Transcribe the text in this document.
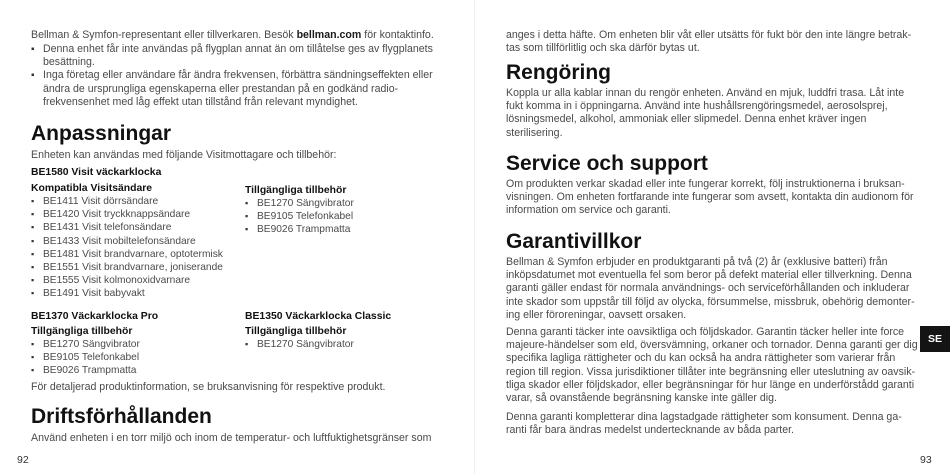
Bellman & Symfon-representant eller tillverkaren. Besök bellman.com för kontaktinfo.

▪ Denna enhet får inte användas på flygplan annat än om tillåtelse ges av flygplanets besättning.
▪ Inga företag eller användare får ändra frekvensen, förbättra sändningseffekten eller ändra de ursprungliga egenskaperna eller prestandan på en godkänd radiofrekvensenhet med låg effekt utan tillstånd från relevant myndighet.
Anpassningar

Enheten kan användas med följande Visitmottagare och tillbehör:

BE1580 Visit väckarklocka
Kompatibla Visitsändare
▪ BE1411 Visit dörrsändare
▪ BE1420 Visit tryckknappsändare
▪ BE1431 Visit telefonsändare
▪ BE1433 Visit mobiltelefonsändare
▪ BE1481 Visit brandvarnare, optotermisk
▪ BE1551 Visit brandvarnare, joniserande
▪ BE1555 Visit kolmonoxidvarnare
▪ BE1491 Visit babyvakt
Tillgängliga tillbehör
▪ BE1270 Sängvibrator
▪ BE9105 Telefonkabel
▪ BE9026 Trampmatta
BE1370 Väckarklocka Pro
Tillgängliga tillbehör
▪ BE1270 Sängvibrator
▪ BE9105 Telefonkabel
▪ BE9026 Trampmatta
BE1350 Väckarklocka Classic
Tillgängliga tillbehör
▪ BE1270 Sängvibrator

För detaljerad produktinformation, se bruksanvisning för respektive produkt.

Driftsförhållanden

Använd enheten i en torr miljö och inom de temperatur- och luftfuktighetsgränser som

92

anges i detta häfte. Om enheten blir våt eller utsätts för fukt bör den inte längre betrak-

tas som tillförlitlig och ska därför bytas ut.

Rengöring

Koppla ur alla kablar innan du rengör enheten. Använd en mjuk, luddfri trasa. Låt inte fukt komma in i öppningarna. Använd inte hushållsrengöringsmedel, aerosolsprej, lösningsmedel, alkohol, ammoniak eller slipmedel. Denna enhet kräver ingen sterilisering.

Service och support

Om produkten verkar skadad eller inte fungerar korrekt, följ instruktionerna i bruksanvisningen. Om enheten fortfarande inte fungerar som avsett, kontakta din audionom för information om service och garanti.

Garantivillkor

Bellman & Symfon erbjuder en produktgaranti på två (2) år (exklusive batteri) från inköpsdatumet mot eventuella fel som beror på defekt material eller tillverkning. Denna garanti gäller endast för normala användnings- och serviceförhållanden och inkluderar inte skador som uppstår till följd av olycka, försummelse, missbruk, obehörig demontering eller föroreningar, oavsett orsaken.

Denna garanti täcker inte oavsiktliga och följdskador. Garantin täcker heller inte force majeure-händelser som eld, översvämning, orkaner och tornador. Denna garanti ger dig specifika lagliga rättigheter och du kan också ha andra rättigheter som varierar från region till region. Vissa jurisdiktioner tillåter inte begränsning eller uteslutning av oavsiktliga skador eller följdskador, eller begränsningar för hur länge en underförstådd garanti varar, så ovanstående begränsning kanske inte gäller dig.

Denna garanti kompletterar dina lagstadgade rättigheter som konsument. Denna garanti får bara ändras medelst undertecknande av båda parter.

93
SE
